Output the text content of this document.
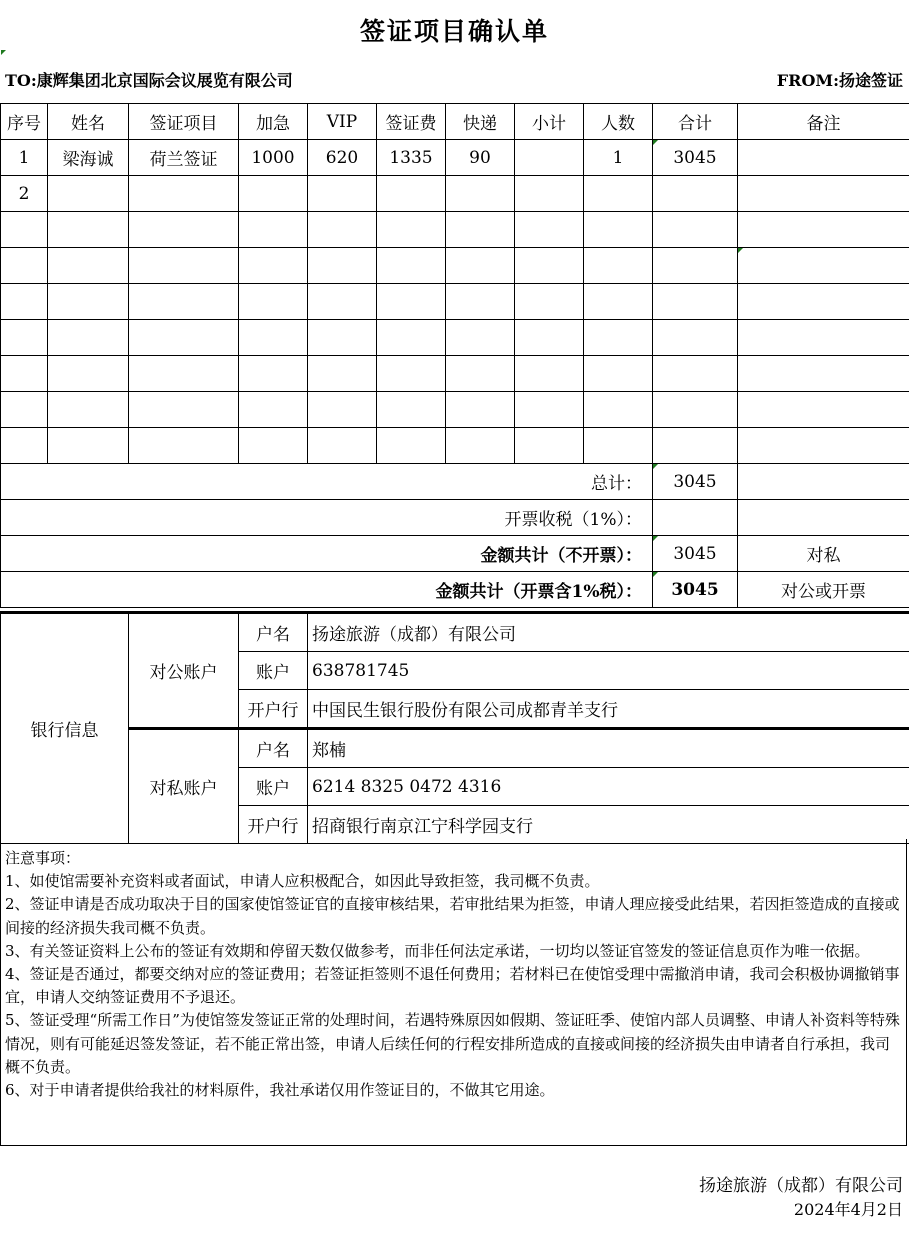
签证项目确认单
TO:康辉集团北京国际会议展览有限公司	FROM:扬途签证
序号	姓名	签证项目	加急	VIP	签证费	快递	小计	人数	合计	备注
1	梁海诚	荷兰签证	1000	620	1335	90		1	3045	
2										

总计：									3045	
开票收税（1%）：										
金额共计（不开票）：									3045	对私
金额共计（开票含1%税）：									3045	对公或开票
银行信息	对公账户	户名	扬途旅游（成都）有限公司
		账户	638781745
		开户行	中国民生银行股份有限公司成都青羊支行
	对私账户	户名	郑楠
		账户	6214 8325 0472 4316
		开户行	招商银行南京江宁科学园支行

注意事项：

1、如使馆需要补充资料或者面试，申请人应积极配合，如因此导致拒签，我司概不负责。

2、签证申请是否成功取决于目的国家使馆签证官的直接审核结果，若审批结果为拒签，申请人理应接受此结果，若因拒签造成的直接或间接的经济损失我司概不负责。

3、有关签证资料上公布的签证有效期和停留天数仅做参考，而非任何法定承诺，一切均以签证官签发的签证信息页作为唯一依据。

4、签证是否通过，都要交纳对应的签证费用；若签证拒签则不退任何费用；若材料已在使馆受理中需撤消申请，我司会积极协调撤销事宜，申请人交纳签证费用不予退还。

5、签证受理“所需工作日”为使馆签发签证正常的处理时间，若遇特殊原因如假期、签证旺季、使馆内部人员调整、申请人补资料等特殊情况，则有可能延迟签发签证，若不能正常出签，申请人后续任何的行程安排所造成的直接或间接的经济损失由申请者自行承担，我司概不负责。

6、对于申请者提供给我社的材料原件，我社承诺仅用作签证目的，不做其它用途。

扬途旅游（成都）有限公司
2024年4月2日
